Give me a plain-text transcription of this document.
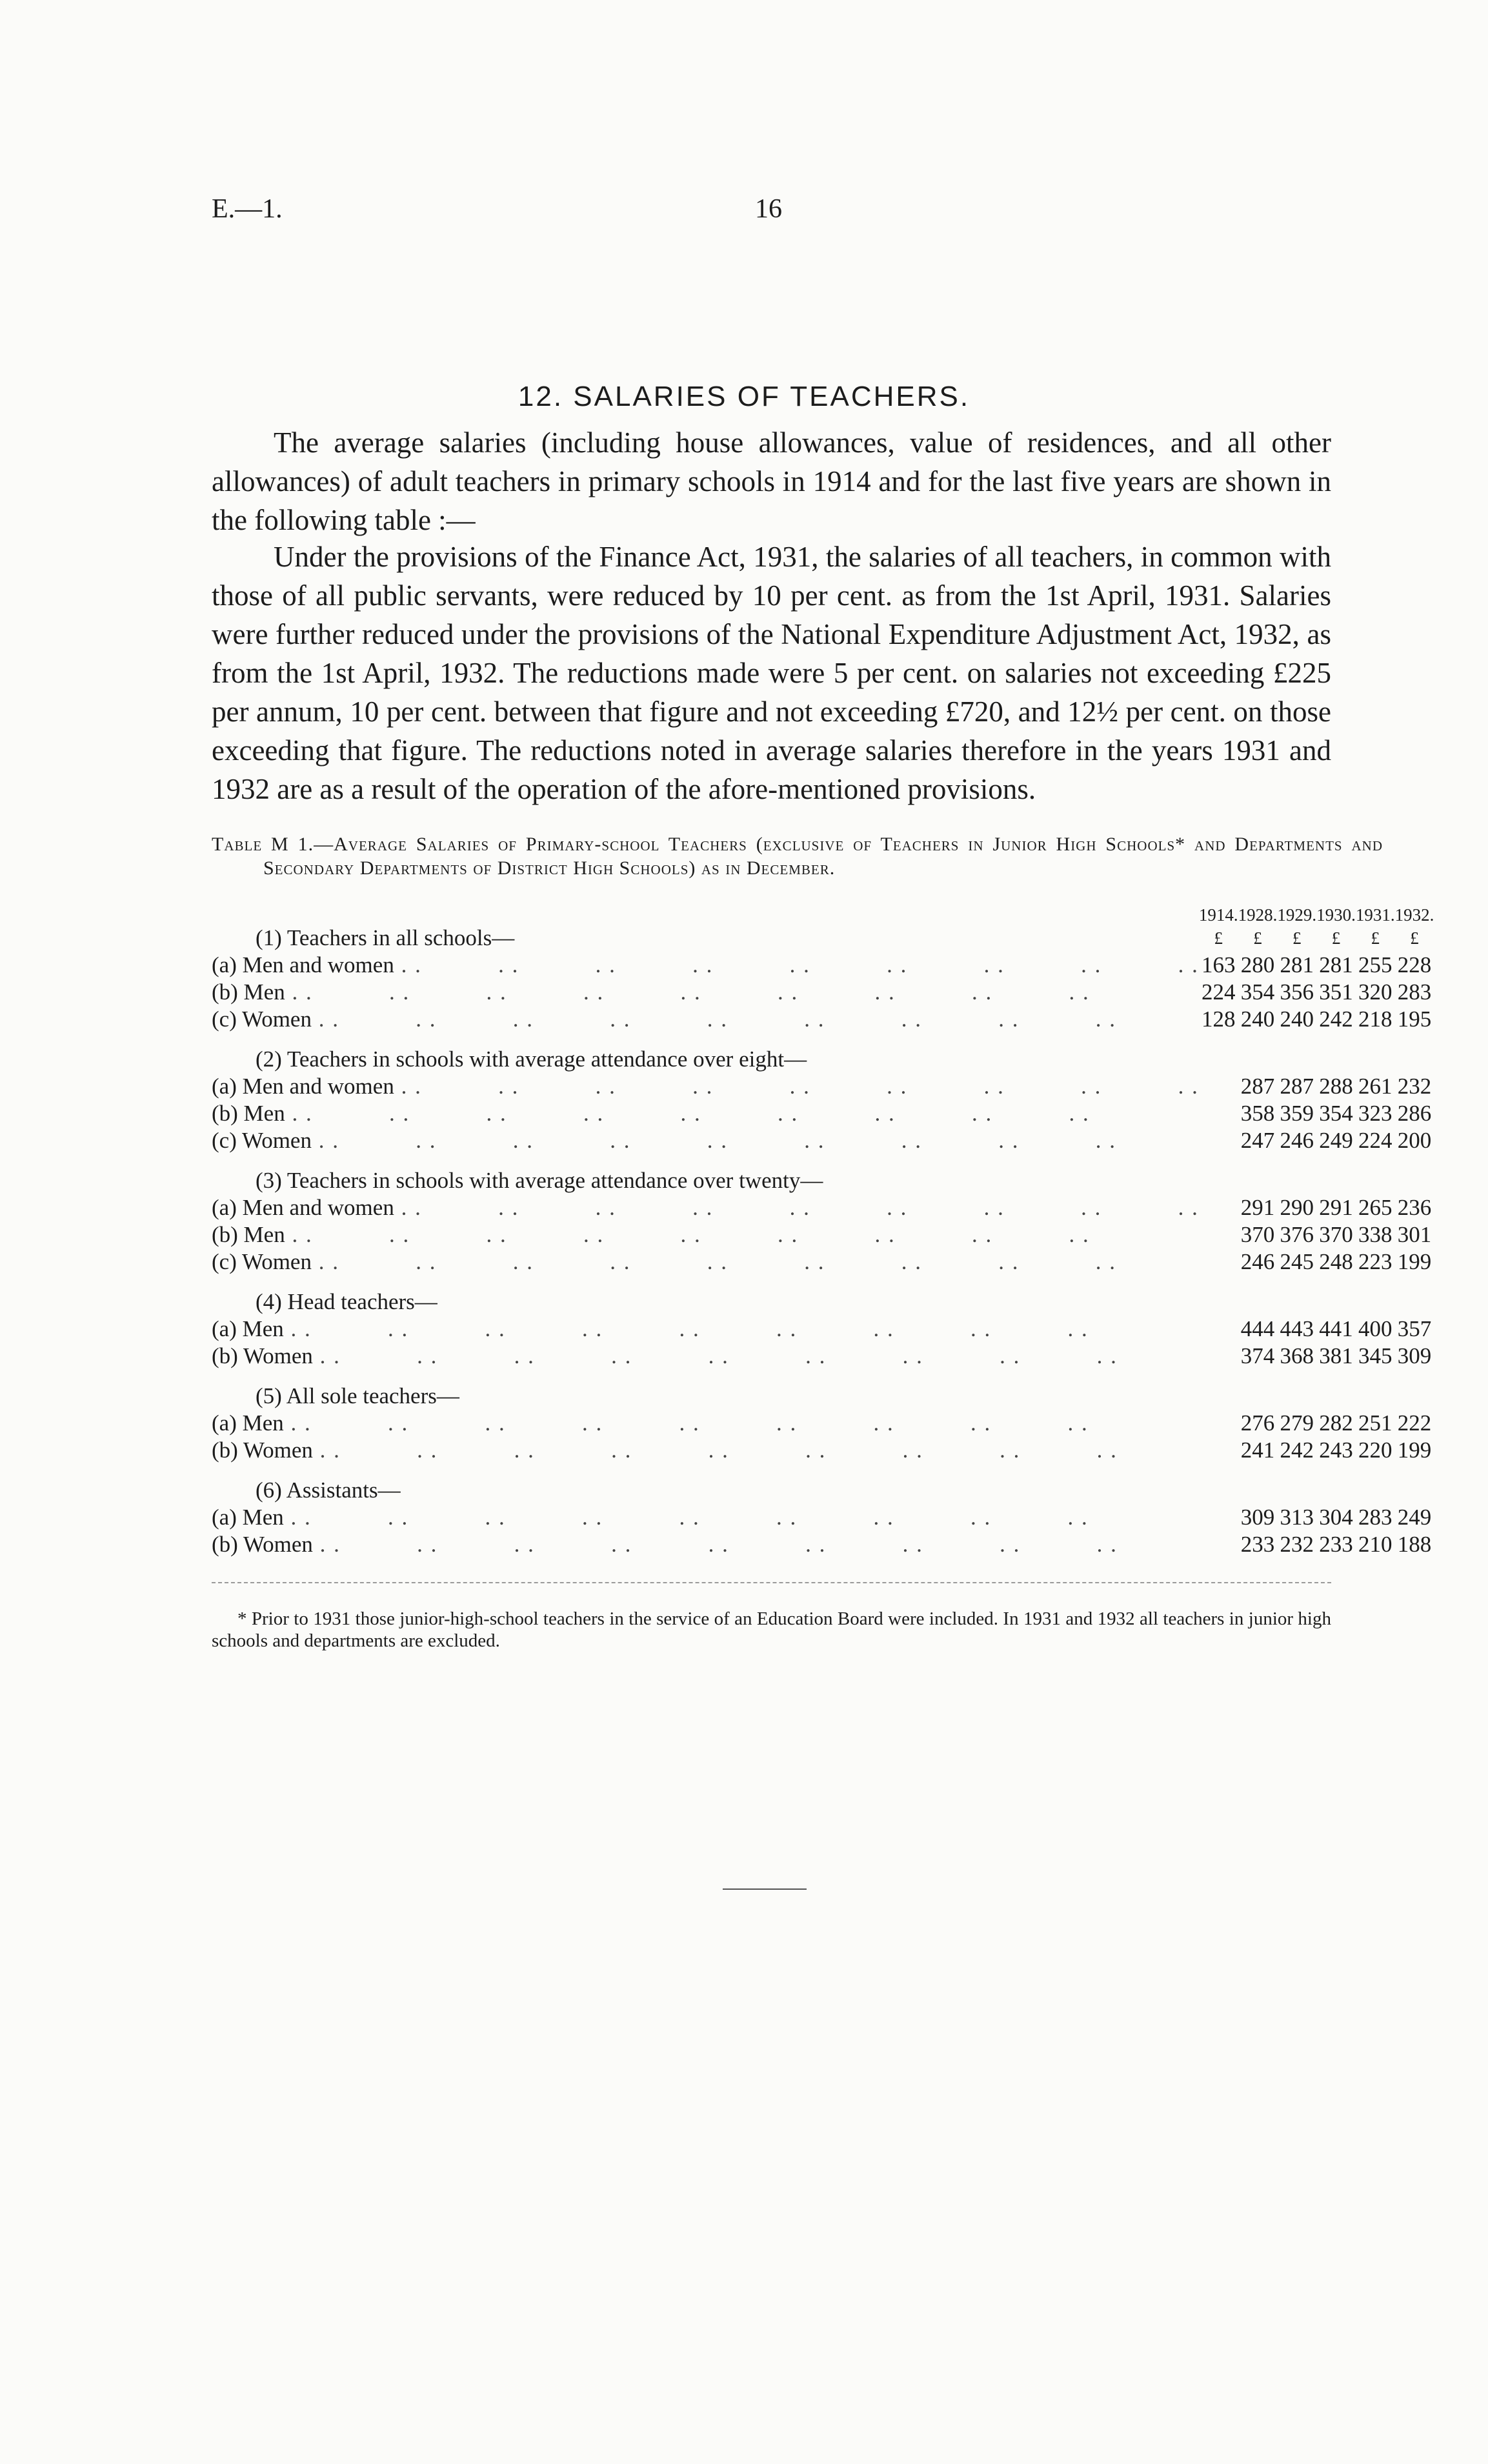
E.—1.	16
12. SALARIES OF TEACHERS.

The average salaries (including house allowances, value of residences, and all other allowances) of adult teachers in primary schools in 1914 and for the last five years are shown in the following table :—

Under the provisions of the Finance Act, 1931, the salaries of all teachers, in common with those of all public servants, were reduced by 10 per cent. as from the 1st April, 1931. Salaries were further reduced under the provisions of the National Expenditure Adjustment Act, 1932, as from the 1st April, 1932. The reductions made were 5 per cent. on salaries not exceeding £225 per annum, 10 per cent. between that figure and not exceeding £720, and 12½ per cent. on those exceeding that figure. The reductions noted in average salaries therefore in the years 1931 and 1932 are as a result of the operation of the afore-mentioned provisions.

Table M 1.—Average Salaries of Primary-school Teachers (exclusive of Teachers in Junior High Schools* and Departments and Secondary Departments of District High Schools) as in December.

	1914.	1928.	1929.	1930.	1931.	1932.
(1) Teachers in all schools—	£	£	£	£	£	£
(a) Men and women . .	163	280	281	281	255	228
(b) Men . .	224	354	356	351	320	283
(c) Women . .	128	240	240	242	218	195

(2) Teachers in schools with average attendance over eight—						
(a) Men and women . .		287	287	288	261	232
(b) Men . .		358	359	354	323	286
(c) Women . .		247	246	249	224	200

(3) Teachers in schools with average attendance over twenty—						
(a) Men and women . .		291	290	291	265	236
(b) Men . .		370	376	370	338	301
(c) Women . .		246	245	248	223	199

(4) Head teachers—						
(a) Men . .		444	443	441	400	357
(b) Women . .		374	368	381	345	309

(5) All sole teachers—						
(a) Men . .		276	279	282	251	222
(b) Women . .		241	242	243	220	199

(6) Assistants—						
(a) Men . .		309	313	304	283	249
(b) Women . .		233	232	233	210	188

* Prior to 1931 those junior-high-school teachers in the service of an Education Board were included. In 1931 and 1932 all teachers in junior high schools and departments are excluded.
